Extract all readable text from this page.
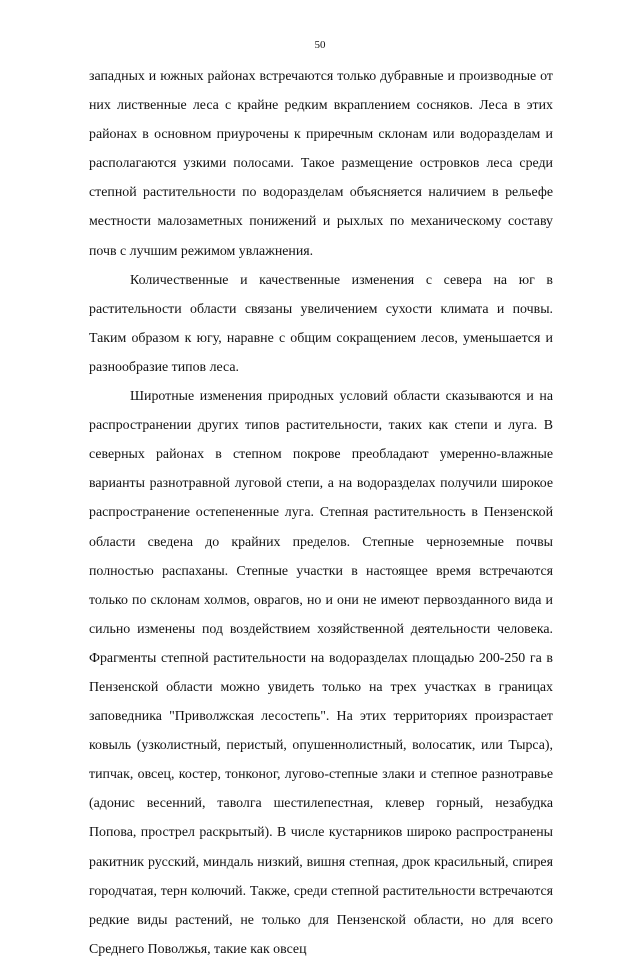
50

западных и южных районах встречаются только дубравные и производные от них лиственные леса с крайне редким вкраплением сосняков. Леса в этих районах в основном приурочены к приречным склонам или водоразделам и располагаются узкими полосами. Такое размещение островков леса среди степной растительности по водоразделам объясняется наличием в рельефе местности малозаметных понижений и рыхлых по механическому составу почв с лучшим режимом увлажнения.

Количественные и качественные изменения с севера на юг в растительности области связаны увеличением сухости климата и почвы. Таким образом к югу, наравне с общим сокращением лесов, уменьшается и разнообразие типов леса.

Широтные изменения природных условий области сказываются и на распространении других типов растительности, таких как степи и луга. В северных районах в степном покрове преобладают умеренно-влажные варианты разнотравной луговой степи, а на водоразделах получили широкое распространение остепененные луга. Степная растительность в Пензенской области сведена до крайних пределов. Степные черноземные почвы полностью распаханы. Степные участки в настоящее время встречаются только по склонам холмов, оврагов, но и они не имеют первозданного вида и сильно изменены под воздействием хозяйственной деятельности человека. Фрагменты степной растительности на водоразделах площадью 200-250 га в Пензенской области можно увидеть только на трех участках в границах заповедника "Приволжская лесостепь". На этих территориях произрастает ковыль (узколистный, перистый, опушеннолистный, волосатик, или Тырса), типчак, овсец, костер, тонконог, лугово-степные злаки и степное разнотравье (адонис весенний, таволга шестилепестная, клевер горный, незабудка Попова, прострел раскрытый). В числе кустарников широко распространены ракитник русский, миндаль низкий, вишня степная, дрок красильный, спирея городчатая, терн колючий. Также, среди степной растительности встречаются редкие виды растений, не только для Пензенской области, но для всего Среднего Поволжья, такие как овсец
